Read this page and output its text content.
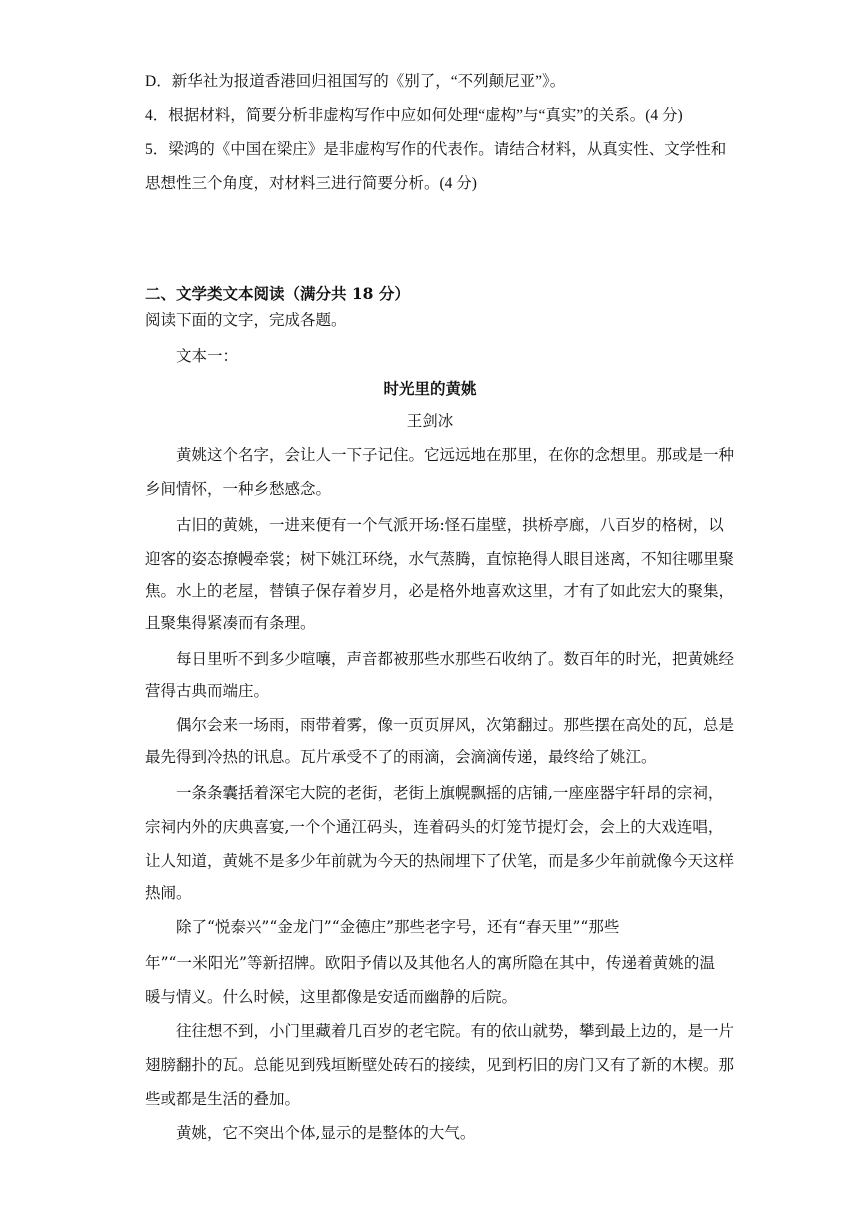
D．新华社为报道香港回归祖国写的《别了，“不列颠尼亚”》。
4．根据材料，简要分析非虚构写作中应如何处理“虚构”与“真实”的关系。(4 分)
5．梁鸿的《中国在梁庄》是非虚构写作的代表作。请结合材料，从真实性、文学性和
思想性三个角度，对材料三进行简要分析。(4 分)
二、文学类文本阅读（满分共 18 分）
阅读下面的文字，完成各题。
文本一：
时光里的黄姚
王剑冰
黄姚这个名字，会让人一下子记住。它远远地在那里，在你的念想里。那或是一种
乡间情怀，一种乡愁感念。
古旧的黄姚，一进来便有一个气派开场:怪石崖壁，拱桥亭廊，八百岁的格树，以
迎客的姿态撩幔牵裳；树下姚江环绕，水气蒸腾，直惊艳得人眼目迷离，不知往哪里聚
焦。水上的老屋，替镇子保存着岁月，必是格外地喜欢这里，才有了如此宏大的聚集，
且聚集得紧凑而有条理。
每日里听不到多少喧嚷，声音都被那些水那些石收纳了。数百年的时光，把黄姚经
营得古典而端庄。
偶尔会来一场雨，雨带着雾，像一页页屏风，次第翻过。那些摆在高处的瓦，总是
最先得到冷热的讯息。瓦片承受不了的雨滴，会滴滴传递，最终给了姚江。
一条条囊括着深宅大院的老街，老街上旗幌飘摇的店铺,一座座器宇轩昂的宗祠，
宗祠内外的庆典喜宴,一个个通江码头，连着码头的灯笼节提灯会，会上的大戏连唱，
让人知道，黄姚不是多少年前就为今天的热闹埋下了伏笔，而是多少年前就像今天这样
热闹。
除了“悦泰兴”“金龙门”“金德庄”那些老字号，还有“春天里”“那些
年”“一米阳光”等新招牌。欧阳予倩以及其他名人的寓所隐在其中，传递着黄姚的温
暖与情义。什么时候，这里都像是安适而幽静的后院。
往往想不到，小门里藏着几百岁的老宅院。有的依山就势，攀到最上边的，是一片
翅膀翻扑的瓦。总能见到残垣断壁处砖石的接续，见到朽旧的房门又有了新的木楔。那
些或都是生活的叠加。
黄姚，它不突出个体,显示的是整体的大气。
